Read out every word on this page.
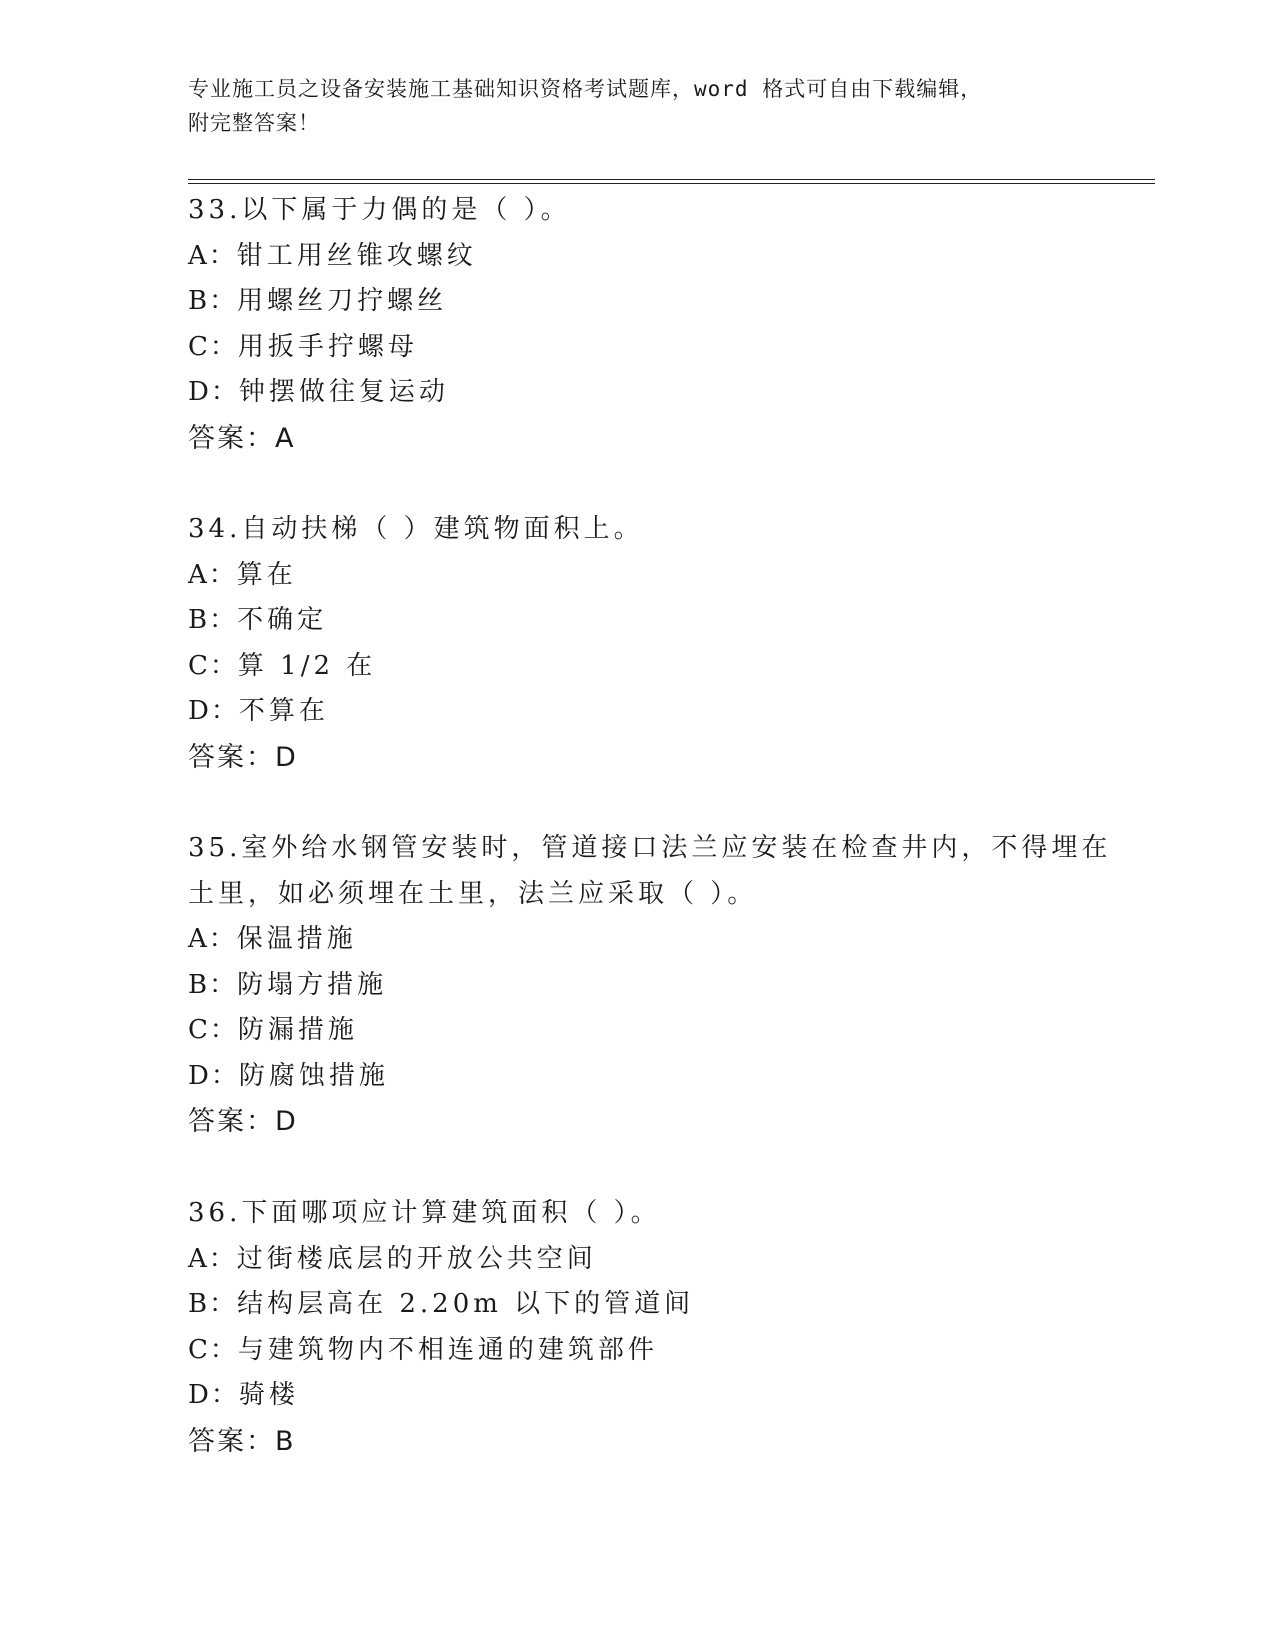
专业施工员之设备安装施工基础知识资格考试题库，word 格式可自由下载编辑，
附完整答案！
33.以下属于力偶的是（ ）。
A：钳工用丝锥攻螺纹
B：用螺丝刀拧螺丝
C：用扳手拧螺母
D：钟摆做往复运动
答案：A
34.自动扶梯（ ）建筑物面积上。
A：算在
B：不确定
C：算 1/2 在
D：不算在
答案：D
35.室外给水钢管安装时，管道接口法兰应安装在检查井内，不得埋在
土里，如必须埋在土里，法兰应采取（ ）。
A：保温措施
B：防塌方措施
C：防漏措施
D：防腐蚀措施
答案：D
36.下面哪项应计算建筑面积（ ）。
A：过街楼底层的开放公共空间
B：结构层高在 2.20m 以下的管道间
C：与建筑物内不相连通的建筑部件
D：骑楼
答案：B
